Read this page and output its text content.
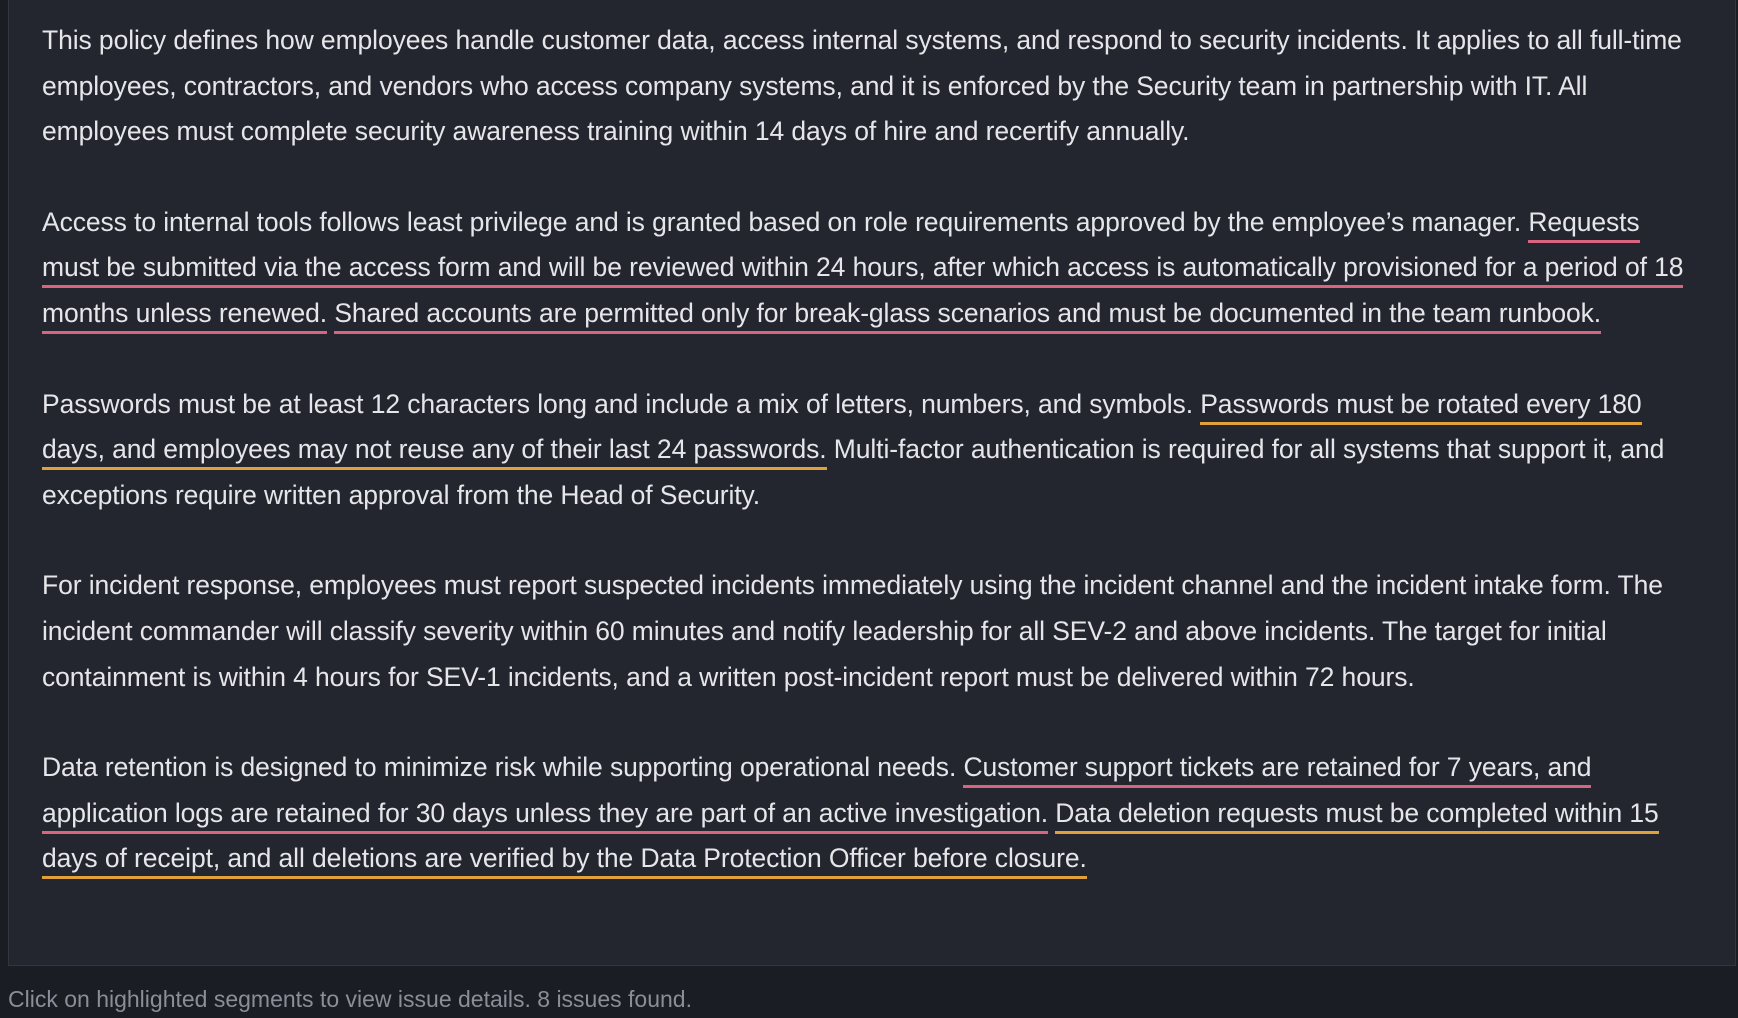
This policy defines how employees handle customer data, access internal systems, and respond to security incidents. It applies to all full-time employees, contractors, and vendors who access company systems, and it is enforced by the Security team in partnership with IT. All employees must complete security awareness training within 14 days of hire and recertify annually.

Access to internal tools follows least privilege and is granted based on role requirements approved by the employee’s manager. Requests must be submitted via the access form and will be reviewed within 24 hours, after which access is automatically provisioned for a period of 18 months unless renewed. Shared accounts are permitted only for break-glass scenarios and must be documented in the team runbook.

Passwords must be at least 12 characters long and include a mix of letters, numbers, and symbols. Passwords must be rotated every 180 days, and employees may not reuse any of their last 24 passwords. Multi-factor authentication is required for all systems that support it, and exceptions require written approval from the Head of Security.

For incident response, employees must report suspected incidents immediately using the incident channel and the incident intake form. The incident commander will classify severity within 60 minutes and notify leadership for all SEV-2 and above incidents. The target for initial containment is within 4 hours for SEV-1 incidents, and a written post-incident report must be delivered within 72 hours.

Data retention is designed to minimize risk while supporting operational needs. Customer support tickets are retained for 7 years, and application logs are retained for 30 days unless they are part of an active investigation. Data deletion requests must be completed within 15 days of receipt, and all deletions are verified by the Data Protection Officer before closure.

Click on highlighted segments to view issue details. 8 issues found.
